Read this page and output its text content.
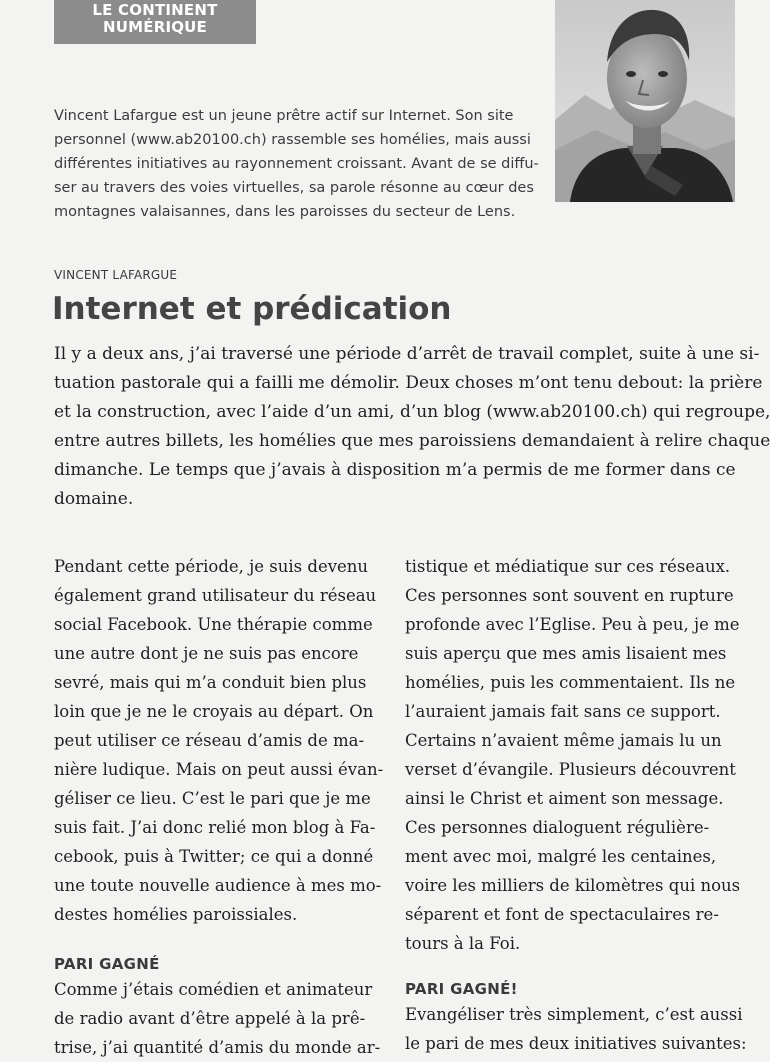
LE CONTINENT
NUMÉRIQUE
Vincent Lafargue est un jeune prêtre actif sur Internet. Son site
personnel (www.ab20100.ch) rassemble ses homélies, mais aussi
différentes initiatives au rayonnement croissant. Avant de se diffu-
ser au travers des voies virtuelles, sa parole résonne au cœur des
montagnes valaisannes, dans les paroisses du secteur de Lens.
VINCENT LAFARGUE
Internet et prédication
Il y a deux ans, j’ai traversé une période d’arrêt de travail complet, suite à une si-
tuation pastorale qui a failli me démolir. Deux choses m’ont tenu debout: la prière
et la construction, avec l’aide d’un ami, d’un blog (www.ab20100.ch) qui regroupe,
entre autres billets, les homélies que mes paroissiens demandaient à relire chaque
dimanche. Le temps que j’avais à disposition m’a permis de me former dans ce
domaine.
Pendant cette période, je suis devenu
également grand utilisateur du réseau
social Facebook. Une thérapie comme
une autre dont je ne suis pas encore
sevré, mais qui m’a conduit bien plus
loin que je ne le croyais au départ. On
peut utiliser ce réseau d’amis de ma-
nière ludique. Mais on peut aussi évan-
géliser ce lieu. C’est le pari que je me
suis fait. J’ai donc relié mon blog à Fa-
cebook, puis à Twitter; ce qui a donné
une toute nouvelle audience à mes mo-
destes homélies paroissiales.
PARI GAGNÉ
Comme j’étais comédien et animateur
de radio avant d’être appelé à la prê-
trise, j’ai quantité d’amis du monde ar-
tistique et médiatique sur ces réseaux.
Ces personnes sont souvent en rupture
profonde avec l’Eglise. Peu à peu, je me
suis aperçu que mes amis lisaient mes
homélies, puis les commentaient. Ils ne
l’auraient jamais fait sans ce support.
Certains n’avaient même jamais lu un
verset d’évangile. Plusieurs découvrent
ainsi le Christ et aiment son message.
Ces personnes dialoguent régulière-
ment avec moi, malgré les centaines,
voire les milliers de kilomètres qui nous
séparent et font de spectaculaires re-
tours à la Foi.
PARI GAGNÉ!
Evangéliser très simplement, c’est aussi
le pari de mes deux initiatives suivantes:
